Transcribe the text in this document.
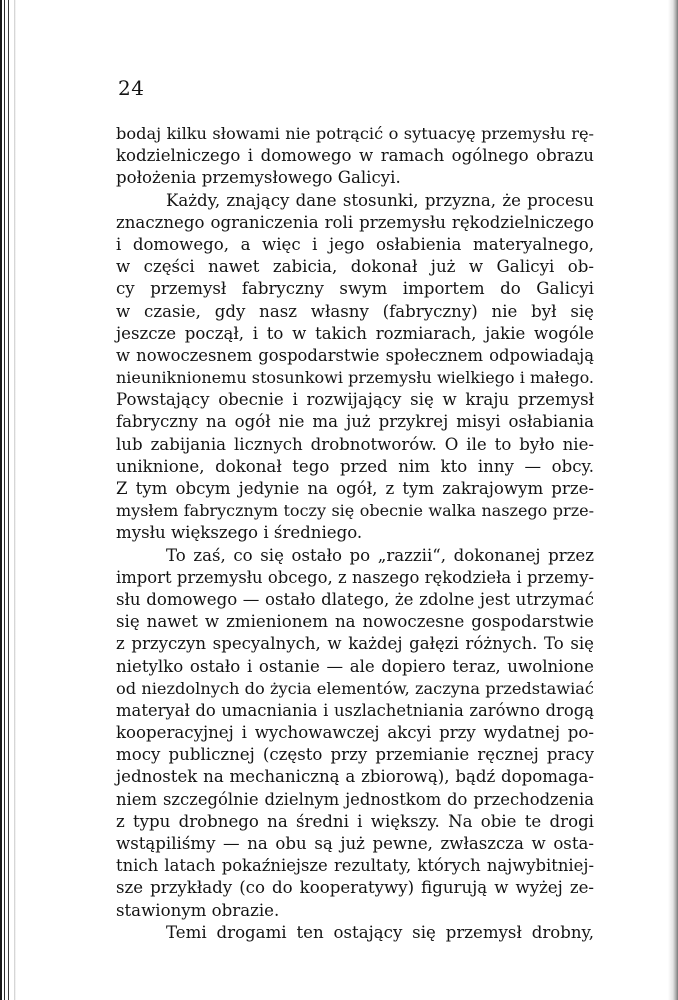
24
bodaj kilku słowami nie potrącić o sytuacyę przemysłu rę-
kodzielniczego i domowego w ramach ogólnego obrazu
położenia przemysłowego Galicyi.
Każdy, znający dane stosunki, przyzna, że procesu
znacznego ograniczenia roli przemysłu rękodzielniczego
i domowego, a więc i jego osłabienia materyalnego,
w części nawet zabicia, dokonał już w Galicyi ob-
cy przemysł fabryczny swym importem do Galicyi
w czasie, gdy nasz własny (fabryczny) nie był się
jeszcze począł, i to w takich rozmiarach, jakie wogóle
w nowoczesnem gospodarstwie społecznem odpowiadają
nieuniknionemu stosunkowi przemysłu wielkiego i małego.
Powstający obecnie i rozwijający się w kraju przemysł
fabryczny na ogół nie ma już przykrej misyi osłabiania
lub zabijania licznych drobnotworów. O ile to było nie-
uniknione, dokonał tego przed nim kto inny — obcy.
Z tym obcym jedynie na ogół, z tym zakrajowym prze-
mysłem fabrycznym toczy się obecnie walka naszego prze-
mysłu większego i średniego.
To zaś, co się ostało po „razzii“, dokonanej przez
import przemysłu obcego, z naszego rękodzieła i przemy-
słu domowego — ostało dlatego, że zdolne jest utrzymać
się nawet w zmienionem na nowoczesne gospodarstwie
z przyczyn specyalnych, w każdej gałęzi różnych. To się
nietylko ostało i ostanie — ale dopiero teraz, uwolnione
od niezdolnych do życia elementów, zaczyna przedstawiać
materyał do umacniania i uszlachetniania zarówno drogą
kooperacyjnej i wychowawczej akcyi przy wydatnej po-
mocy publicznej (często przy przemianie ręcznej pracy
jednostek na mechaniczną a zbiorową), bądź dopomaga-
niem szczególnie dzielnym jednostkom do przechodzenia
z typu drobnego na średni i większy. Na obie te drogi
wstąpiliśmy — na obu są już pewne, zwłaszcza w osta-
tnich latach pokaźniejsze rezultaty, których najwybitniej-
sze przykłady (co do kooperatywy) figurują w wyżej ze-
stawionym obrazie.
Temi drogami ten ostający się przemysł drobny,
